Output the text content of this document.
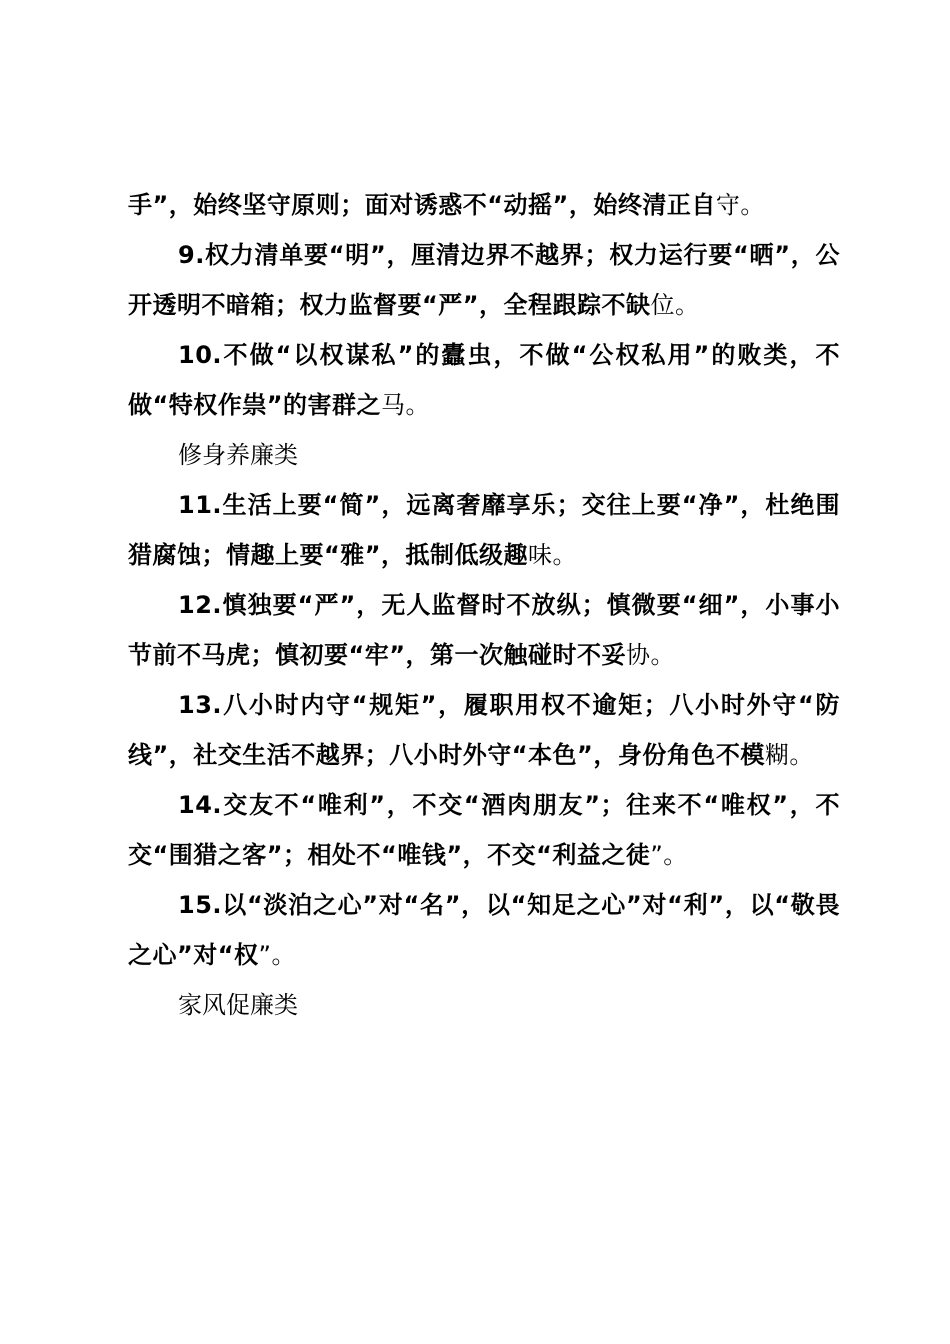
手”，始终坚守原则；面对诱惑不“动摇”，始终清正自守。

9.权力清单要“明”，厘清边界不越界；权力运行要“晒”，公开透明不暗箱；权力监督要“严”，全程跟踪不缺位。

10.不做“以权谋私”的蠹虫，不做“公权私用”的败类，不做“特权作祟”的害群之马。

修身养廉类

11.生活上要“简”，远离奢靡享乐；交往上要“净”，杜绝围猎腐蚀；情趣上要“雅”，抵制低级趣味。

12.慎独要“严”，无人监督时不放纵；慎微要“细”，小事小节前不马虎；慎初要“牢”，第一次触碰时不妥协。

13.八小时内守“规矩”，履职用权不逾矩；八小时外守“防线”，社交生活不越界；八小时外守“本色”，身份角色不模糊。

14.交友不“唯利”，不交“酒肉朋友”；往来不“唯权”，不交“围猎之客”；相处不“唯钱”，不交“利益之徒”。

15.以“淡泊之心”对“名”，以“知足之心”对“利”，以“敬畏之心”对“权”。

家风促廉类
